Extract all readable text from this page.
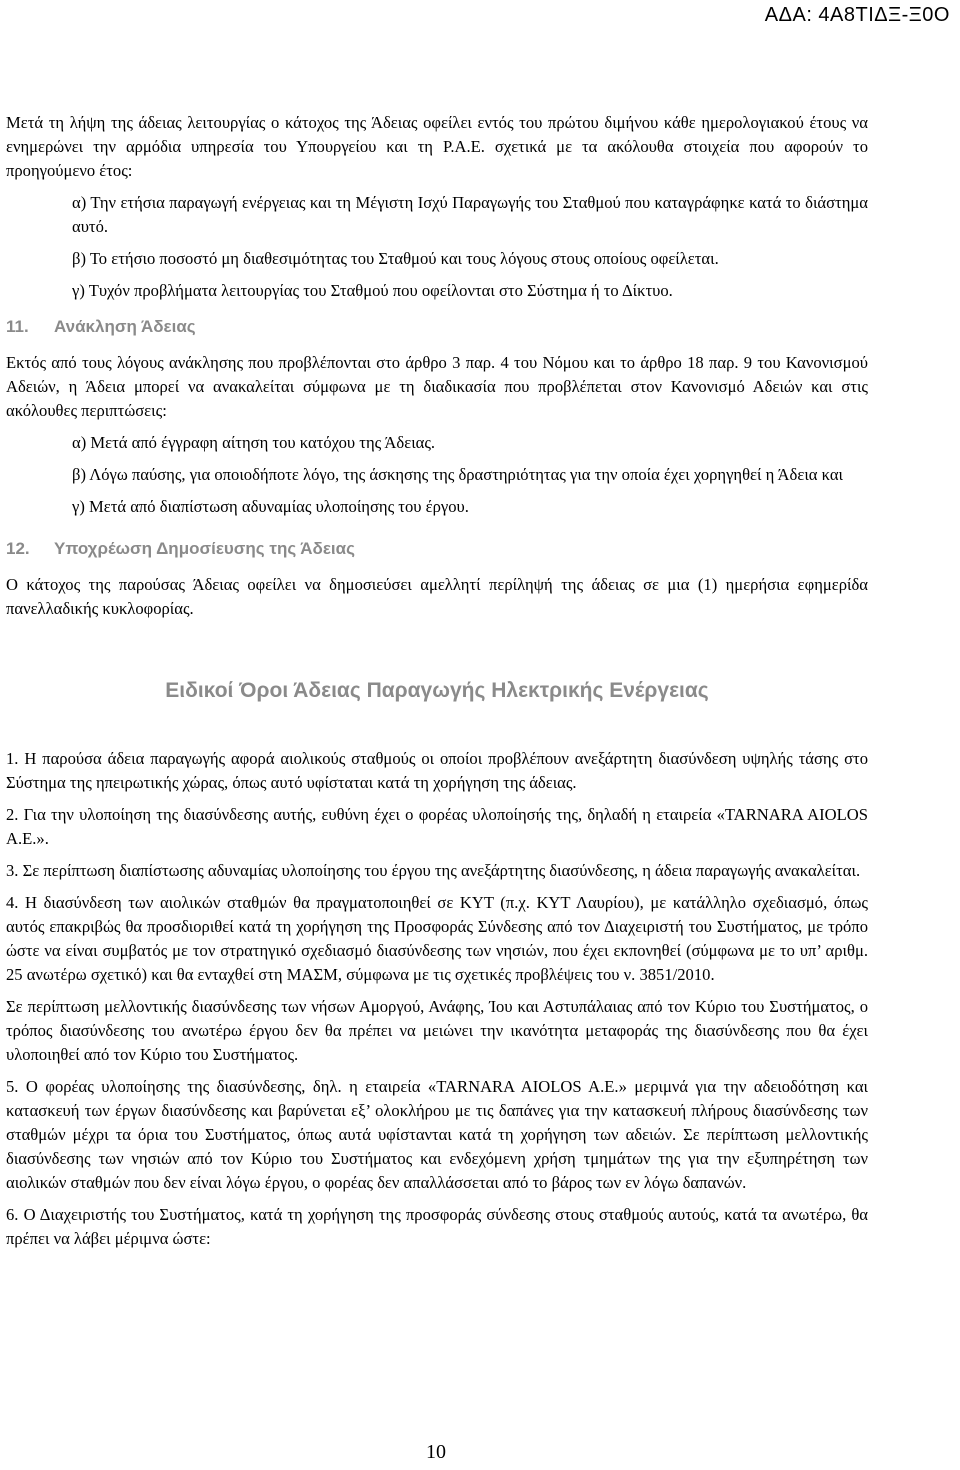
ΑΔΑ: 4Α8ΤΙΔΞ-Ξ0Ο

Μετά τη λήψη της άδειας λειτουργίας ο κάτοχος της Άδειας οφείλει εντός του πρώτου διμήνου κάθε ημερολογιακού έτους να ενημερώνει την αρμόδια υπηρεσία του Υπουργείου και τη Ρ.Α.Ε. σχετικά με τα ακόλουθα στοιχεία που αφορούν το προηγούμενο έτος:

α) Την ετήσια παραγωγή ενέργειας και τη Μέγιστη Ισχύ Παραγωγής του Σταθμού που καταγράφηκε κατά το διάστημα αυτό.

β) Το ετήσιο ποσοστό μη διαθεσιμότητας του Σταθμού και τους λόγους στους οποίους οφείλεται.

γ) Τυχόν προβλήματα λειτουργίας του Σταθμού που οφείλονται στο Σύστημα ή το Δίκτυο.

11. Ανάκληση Άδειας

Εκτός από τους λόγους ανάκλησης που προβλέπονται στο άρθρο 3 παρ. 4 του Νόμου και το άρθρο 18 παρ. 9 του Κανονισμού Αδειών, η Άδεια μπορεί να ανακαλείται σύμφωνα με τη διαδικασία που προβλέπεται στον Κανονισμό Αδειών και στις ακόλουθες περιπτώσεις:

α) Μετά από έγγραφη αίτηση του κατόχου της Άδειας.

β) Λόγω παύσης, για οποιοδήποτε λόγο, της άσκησης της δραστηριότητας για την οποία έχει χορηγηθεί η Άδεια και

γ) Μετά από διαπίστωση αδυναμίας υλοποίησης του έργου.

12. Υποχρέωση Δημοσίευσης της Άδειας

Ο κάτοχος της παρούσας Άδειας οφείλει να δημοσιεύσει αμελλητί περίληψή της άδειας σε μια (1) ημερήσια εφημερίδα πανελλαδικής κυκλοφορίας.

Ειδικοί Όροι Άδειας Παραγωγής Ηλεκτρικής Ενέργειας

1. Η παρούσα άδεια παραγωγής αφορά αιολικούς σταθμούς οι οποίοι προβλέπουν ανεξάρτητη διασύνδεση υψηλής τάσης στο Σύστημα της ηπειρωτικής χώρας, όπως αυτό υφίσταται κατά τη χορήγηση της άδειας.

2. Για την υλοποίηση της διασύνδεσης αυτής, ευθύνη έχει ο φορέας υλοποίησής της, δηλαδή η εταιρεία «TARNARA AIOLOS A.E.».

3. Σε περίπτωση διαπίστωσης αδυναμίας υλοποίησης του έργου της ανεξάρτητης διασύνδεσης, η άδεια παραγωγής ανακαλείται.

4. Η διασύνδεση των αιολικών σταθμών θα πραγματοποιηθεί σε ΚΥΤ (π.χ. ΚΥΤ Λαυρίου), με κατάλληλο σχεδιασμό, όπως αυτός επακριβώς θα προσδιοριθεί κατά τη χορήγηση της Προσφοράς Σύνδεσης από τον Διαχειριστή του Συστήματος, με τρόπο ώστε να είναι συμβατός με τον στρατηγικό σχεδιασμό διασύνδεσης των νησιών, που έχει εκπονηθεί (σύμφωνα με το υπ’ αριθμ. 25 ανωτέρω σχετικό) και θα ενταχθεί στη ΜΑΣΜ, σύμφωνα με τις σχετικές προβλέψεις του ν. 3851/2010.

Σε περίπτωση μελλοντικής διασύνδεσης των νήσων Αμοργού, Ανάφης, Ίου και Αστυπάλαιας από τον Κύριο του Συστήματος, ο τρόπος διασύνδεσης του ανωτέρω έργου δεν θα πρέπει να μειώνει την ικανότητα μεταφοράς της διασύνδεσης που θα έχει υλοποιηθεί από τον Κύριο του Συστήματος.

5. Ο φορέας υλοποίησης της διασύνδεσης, δηλ. η εταιρεία «TARNARA AIOLOS A.E.» μεριμνά για την αδειοδότηση και κατασκευή των έργων διασύνδεσης και βαρύνεται εξ’ ολοκλήρου με τις δαπάνες για την κατασκευή πλήρους διασύνδεσης των σταθμών μέχρι τα όρια του Συστήματος, όπως αυτά υφίστανται κατά τη χορήγηση των αδειών. Σε περίπτωση μελλοντικής διασύνδεσης των νησιών από τον Κύριο του Συστήματος και ενδεχόμενη χρήση τμημάτων της για την εξυπηρέτηση των αιολικών σταθμών που δεν είναι λόγω έργου, ο φορέας δεν απαλλάσσεται από το βάρος των εν λόγω δαπανών.

6. Ο Διαχειριστής του Συστήματος, κατά τη χορήγηση της προσφοράς σύνδεσης στους σταθμούς αυτούς, κατά τα ανωτέρω, θα πρέπει να λάβει μέριμνα ώστε:

10
